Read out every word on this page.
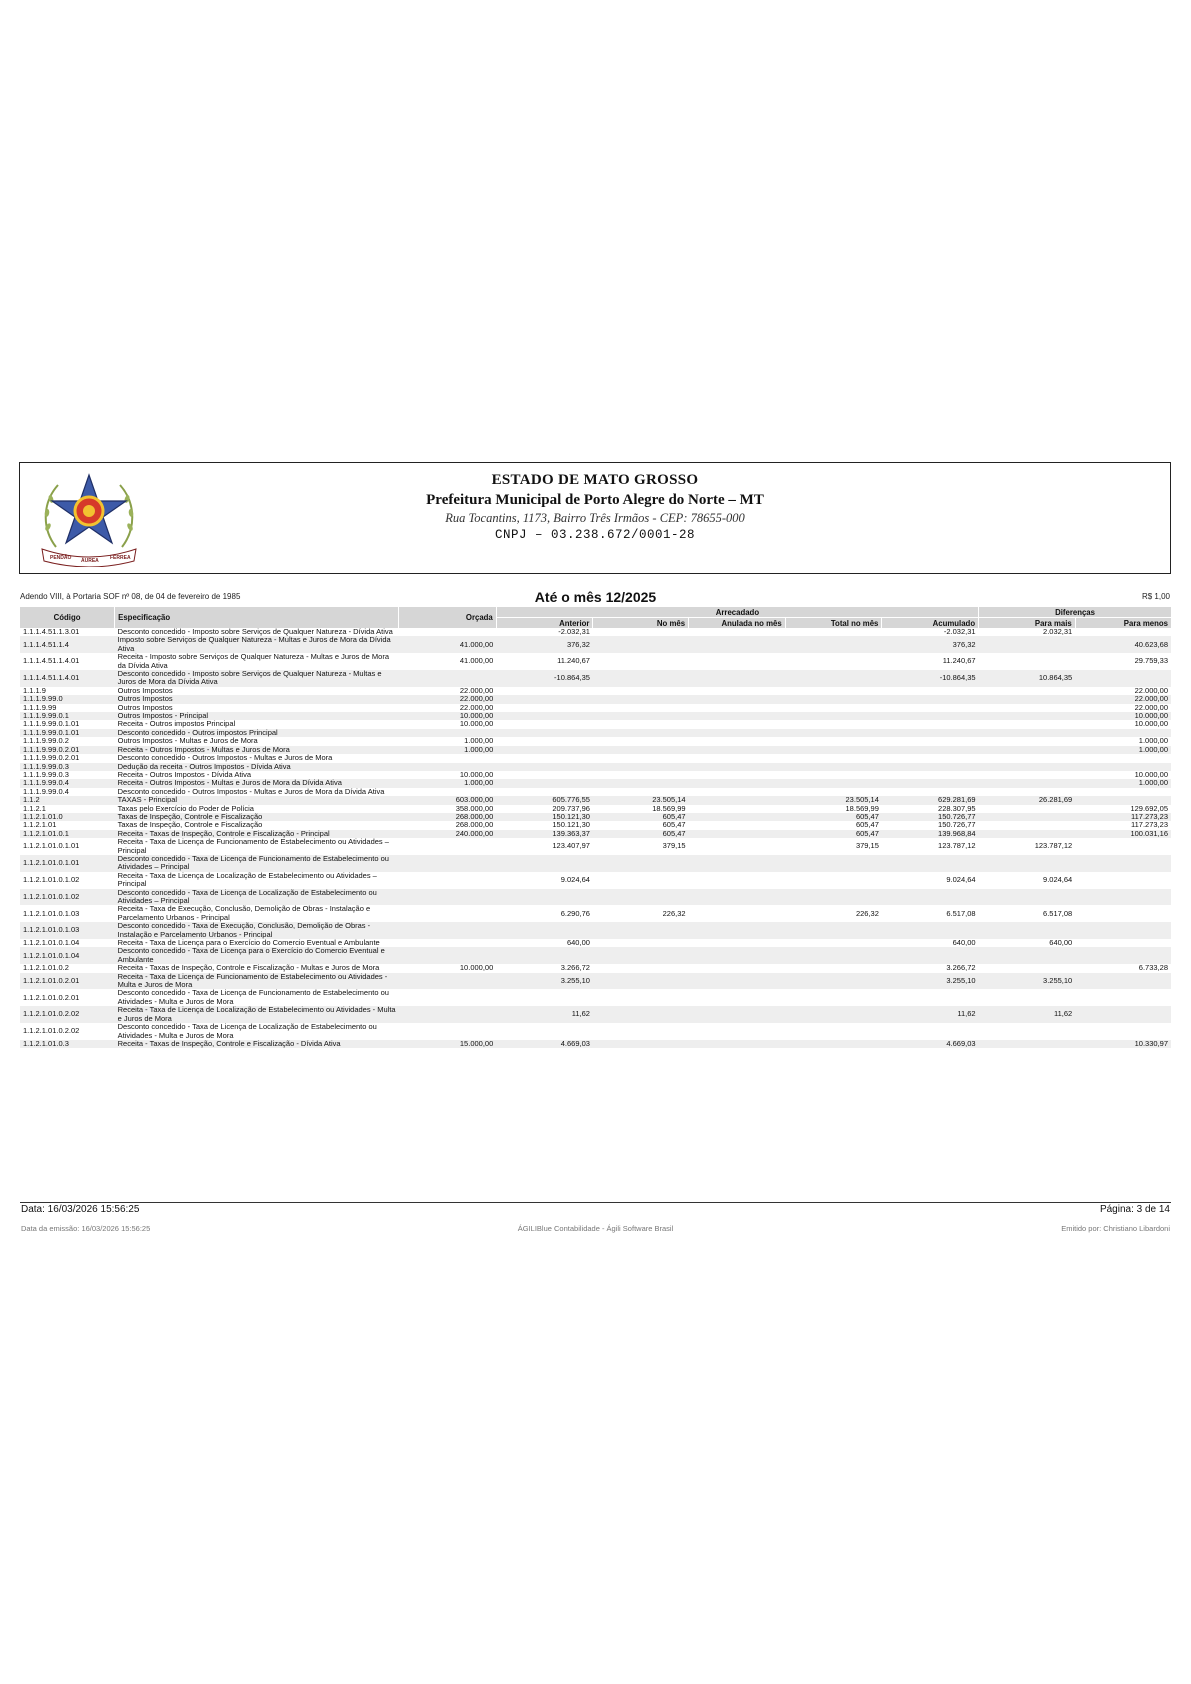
PENDÃO ÁUREA FÉRREA
ESTADO DE MATO GROSSO
Prefeitura Municipal de Porto Alegre do Norte – MT
Rua Tocantins, 1173, Bairro Três Irmãos - CEP: 78655-000
CNPJ – 03.238.672/0001-28
Adendo VIII, à Portaria SOF nº 08, de 04 de fevereiro de 1985	Até o mês 12/2025	R$ 1,00
Código	Especificação	Orçada	Arrecadado					Diferenças	
			Anterior	No mês	Anulada no mês	Total no mês	Acumulado	Para mais	Para menos
1.1.1.4.51.1.3.01	Desconto concedido - Imposto sobre Serviços de Qualquer Natureza - Dívida Ativa		-2.032,31				-2.032,31	2.032,31	
1.1.1.4.51.1.4	Imposto sobre Serviços de Qualquer Natureza - Multas e Juros de Mora da Dívida Ativa	41.000,00	376,32				376,32		40.623,68
1.1.1.4.51.1.4.01	Receita - Imposto sobre Serviços de Qualquer Natureza - Multas e Juros de Mora da Dívida Ativa	41.000,00	11.240,67				11.240,67		29.759,33
1.1.1.4.51.1.4.01	Desconto concedido - Imposto sobre Serviços de Qualquer Natureza - Multas e Juros de Mora da Dívida Ativa		-10.864,35				-10.864,35	10.864,35	
1.1.1.9	Outros Impostos	22.000,00							22.000,00
1.1.1.9.99.0	Outros Impostos	22.000,00							22.000,00
1.1.1.9.99	Outros Impostos	22.000,00							22.000,00
1.1.1.9.99.0.1	Outros Impostos - Principal	10.000,00							10.000,00
1.1.1.9.99.0.1.01	Receita - Outros impostos Principal	10.000,00							10.000,00
1.1.1.9.99.0.1.01	Desconto concedido - Outros impostos Principal								
1.1.1.9.99.0.2	Outros Impostos - Multas e Juros de Mora	1.000,00							1.000,00
1.1.1.9.99.0.2.01	Receita - Outros Impostos - Multas e Juros de Mora	1.000,00							1.000,00
1.1.1.9.99.0.2.01	Desconto concedido - Outros Impostos - Multas e Juros de Mora								
1.1.1.9.99.0.3	Dedução da receita - Outros Impostos - Dívida Ativa								
1.1.1.9.99.0.3	Receita - Outros Impostos - Dívida Ativa	10.000,00							10.000,00
1.1.1.9.99.0.4	Receita - Outros Impostos - Multas e Juros de Mora da Dívida Ativa	1.000,00							1.000,00
1.1.1.9.99.0.4	Desconto concedido - Outros Impostos - Multas e Juros de Mora da Dívida Ativa								
1.1.2	TAXAS - Principal	603.000,00	605.776,55	23.505,14		23.505,14	629.281,69	26.281,69	
1.1.2.1	Taxas pelo Exercício do Poder de Polícia	358.000,00	209.737,96	18.569,99		18.569,99	228.307,95		129.692,05
1.1.2.1.01.0	Taxas de Inspeção, Controle e Fiscalização	268.000,00	150.121,30	605,47		605,47	150.726,77		117.273,23
1.1.2.1.01	Taxas de Inspeção, Controle e Fiscalização	268.000,00	150.121,30	605,47		605,47	150.726,77		117.273,23
1.1.2.1.01.0.1	Receita - Taxas de Inspeção, Controle e Fiscalização - Principal	240.000,00	139.363,37	605,47		605,47	139.968,84		100.031,16
1.1.2.1.01.0.1.01	Receita - Taxa de Licença de Funcionamento de Estabelecimento ou Atividades – Principal		123.407,97	379,15		379,15	123.787,12	123.787,12	
1.1.2.1.01.0.1.01	Desconto concedido - Taxa de Licença de Funcionamento de Estabelecimento ou Atividades – Principal								
1.1.2.1.01.0.1.02	Receita - Taxa de Licença de Localização de Estabelecimento ou Atividades – Principal		9.024,64				9.024,64	9.024,64	
1.1.2.1.01.0.1.02	Desconto concedido - Taxa de Licença de Localização de Estabelecimento ou Atividades – Principal								
1.1.2.1.01.0.1.03	Receita - Taxa de Execução, Conclusão, Demolição de Obras - Instalação e Parcelamento Urbanos - Principal		6.290,76	226,32		226,32	6.517,08	6.517,08	
1.1.2.1.01.0.1.03	Desconto concedido - Taxa de Execução, Conclusão, Demolição de Obras - Instalação e Parcelamento Urbanos - Principal								
1.1.2.1.01.0.1.04	Receita - Taxa de Licença para o Exercício do Comercio Eventual e Ambulante		640,00				640,00	640,00	
1.1.2.1.01.0.1.04	Desconto concedido - Taxa de Licença para o Exercício do Comercio Eventual e Ambulante								
1.1.2.1.01.0.2	Receita - Taxas de Inspeção, Controle e Fiscalização - Multas e Juros de Mora	10.000,00	3.266,72				3.266,72		6.733,28
1.1.2.1.01.0.2.01	Receita - Taxa de Licença de Funcionamento de Estabelecimento ou Atividades - Multa e Juros de Mora		3.255,10				3.255,10	3.255,10	
1.1.2.1.01.0.2.01	Desconto concedido - Taxa de Licença de Funcionamento de Estabelecimento ou Atividades - Multa e Juros de Mora								
1.1.2.1.01.0.2.02	Receita - Taxa de Licença de Localização de Estabelecimento ou Atividades - Multa e Juros de Mora		11,62				11,62	11,62	
1.1.2.1.01.0.2.02	Desconto concedido - Taxa de Licença de Localização de Estabelecimento ou Atividades - Multa e Juros de Mora								
1.1.2.1.01.0.3	Receita - Taxas de Inspeção, Controle e Fiscalização - Dívida Ativa	15.000,00	4.669,03				4.669,03		10.330,97
Data: 16/03/2026 15:56:25	Página: 3 de 14
Data da emissão: 16/03/2026 15:56:25	ÁGILIBlue Contabilidade - Ágili Software Brasil	Emitido por: Christiano Libardoni
